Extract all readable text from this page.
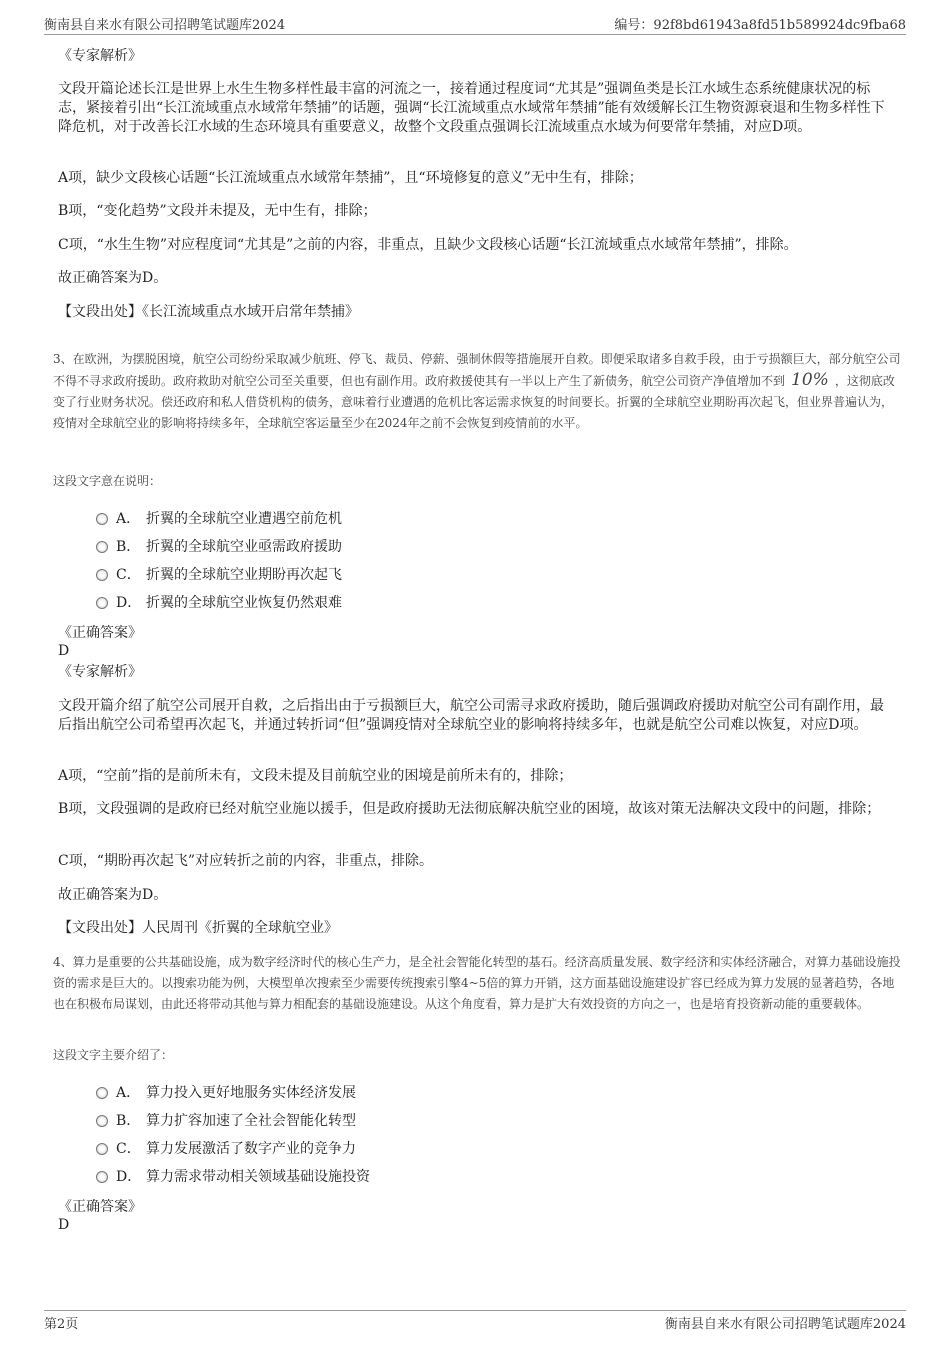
衡南县自来水有限公司招聘笔试题库2024	编号：92f8bd61943a8fd51b589924dc9fba68
《专家解析》
文段开篇论述长江是世界上水生生物多样性最丰富的河流之一，接着通过程度词“尤其是”强调鱼类是长江水域生态系统健康状况的标志，紧接着引出“长江流域重点水域常年禁捕”的话题，强调“长江流域重点水域常年禁捕”能有效缓解长江生物资源衰退和生物多样性下降危机，对于改善长江水域的生态环境具有重要意义，故整个文段重点强调长江流域重点水域为何要常年禁捕，对应D项。
A项，缺少文段核心话题“长江流域重点水域常年禁捕”，且“环境修复的意义”无中生有，排除；
B项，“变化趋势”文段并未提及，无中生有，排除；
C项，“水生生物”对应程度词“尤其是”之前的内容，非重点，且缺少文段核心话题“长江流域重点水域常年禁捕”，排除。
故正确答案为D。
【文段出处】《长江流域重点水域开启常年禁捕》
3、在欧洲，为摆脱困境，航空公司纷纷采取减少航班、停飞、裁员、停薪、强制休假等措施展开自救。即便采取诸多自救手段，由于亏损额巨大，部分航空公司不得不寻求政府援助。政府救助对航空公司至关重要，但也有副作用。政府救援使其有一半以上产生了新债务，航空公司资产净值增加不到 10% ，这彻底改变了行业财务状况。偿还政府和私人借贷机构的债务，意味着行业遭遇的危机比客运需求恢复的时间要长。折翼的全球航空业期盼再次起飞，但业界普遍认为，疫情对全球航空业的影响将持续多年，全球航空客运量至少在2024年之前不会恢复到疫情前的水平。
这段文字意在说明：
A． 折翼的全球航空业遭遇空前危机
B． 折翼的全球航空业亟需政府援助
C． 折翼的全球航空业期盼再次起飞
D． 折翼的全球航空业恢复仍然艰难
《正确答案》
D
《专家解析》
文段开篇介绍了航空公司展开自救，之后指出由于亏损额巨大，航空公司需寻求政府援助，随后强调政府援助对航空公司有副作用，最后指出航空公司希望再次起飞，并通过转折词“但”强调疫情对全球航空业的影响将持续多年，也就是航空公司难以恢复，对应D项。
A项，“空前”指的是前所未有，文段未提及目前航空业的困境是前所未有的，排除；
B项，文段强调的是政府已经对航空业施以援手，但是政府援助无法彻底解决航空业的困境，故该对策无法解决文段中的问题，排除；
C项，“期盼再次起飞”对应转折之前的内容，非重点，排除。
故正确答案为D。
【文段出处】人民周刊《折翼的全球航空业》
4、算力是重要的公共基础设施，成为数字经济时代的核心生产力，是全社会智能化转型的基石。经济高质量发展、数字经济和实体经济融合，对算力基础设施投资的需求是巨大的。以搜索功能为例，大模型单次搜索至少需要传统搜索引擎4~5倍的算力开销，这方面基础设施建设扩容已经成为算力发展的显著趋势，各地也在积极布局谋划，由此还将带动其他与算力相配套的基础设施建设。从这个角度看，算力是扩大有效投资的方向之一，也是培育投资新动能的重要载体。
这段文字主要介绍了：
A． 算力投入更好地服务实体经济发展
B． 算力扩容加速了全社会智能化转型
C． 算力发展激活了数字产业的竞争力
D． 算力需求带动相关领域基础设施投资
《正确答案》
D
第2页	衡南县自来水有限公司招聘笔试题库2024
